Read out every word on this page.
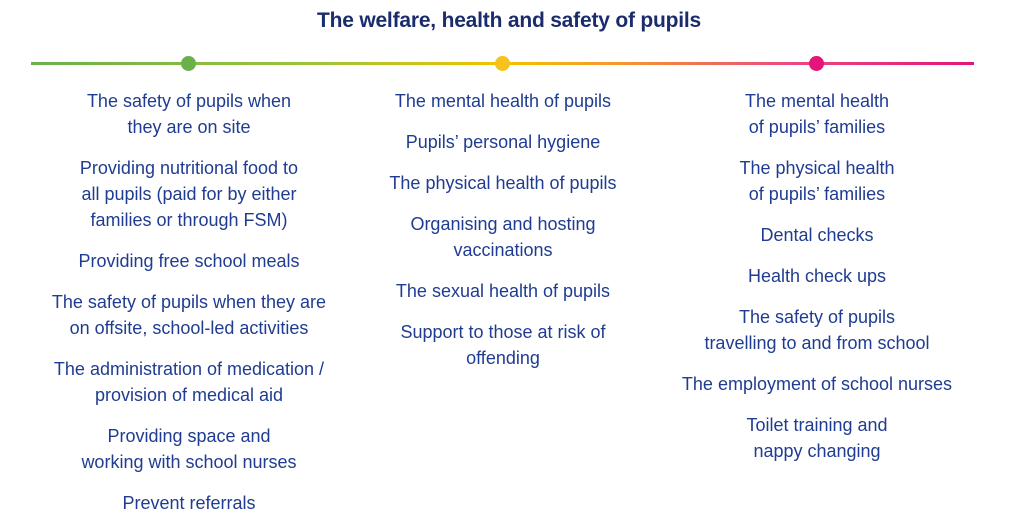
The welfare, health and safety of pupils
The safety of pupils when
they are on site
Providing nutritional food to
all pupils (paid for by either
families or through FSM)
Providing free school meals
The safety of pupils when they are
on offsite, school-led activities
The administration of medication /
provision of medical aid
Providing space and
working with school nurses
Prevent referrals
The mental health of pupils
Pupils’ personal hygiene
The physical health of pupils
Organising and hosting
vaccinations
The sexual health of pupils
Support to those at risk of
offending
The mental health
of pupils’ families
The physical health
of pupils’ families
Dental checks
Health check ups
The safety of pupils
travelling to and from school
The employment of school nurses
Toilet training and
nappy changing
